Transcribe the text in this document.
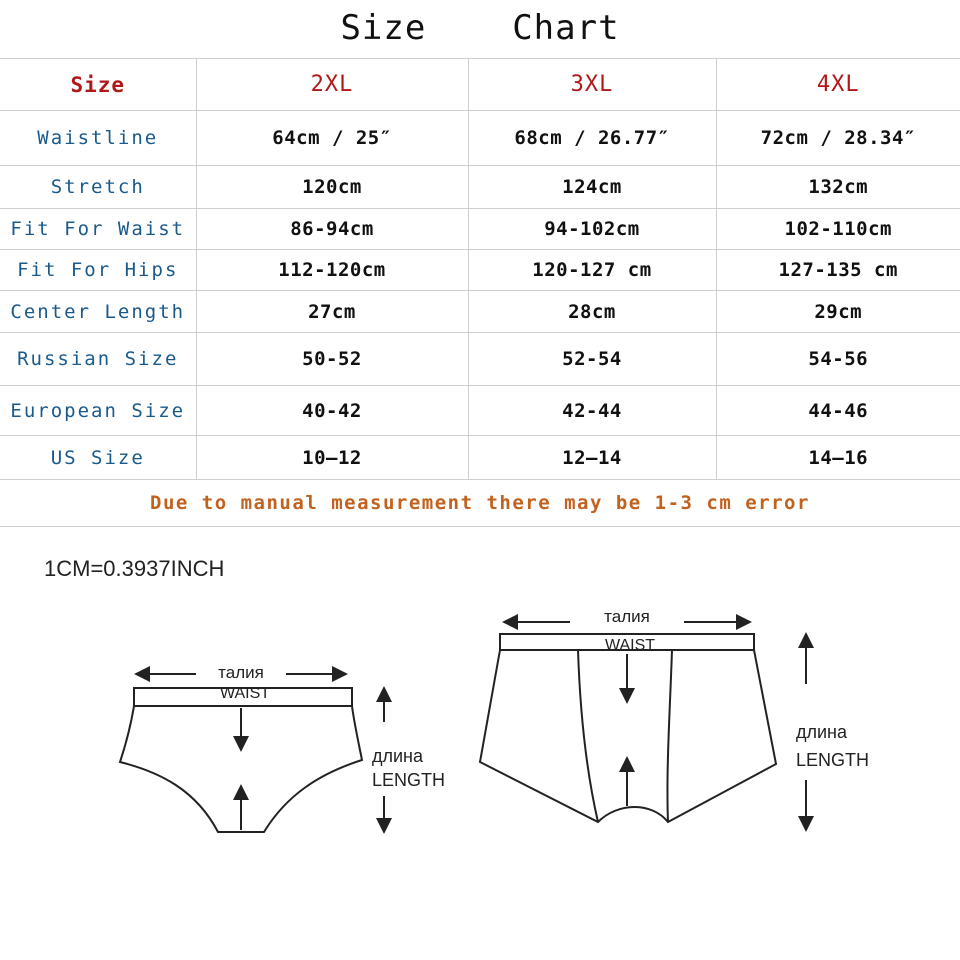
Size    Chart
Size	2XL	3XL	4XL
Waistline	64cm / 25″	68cm / 26.77″	72cm / 28.34″
Stretch	120cm	124cm	132cm
Fit For Waist	86-94cm	94-102cm	102-110cm
Fit For Hips	112-120cm	120-127 cm	127-135 cm
Center Length	27cm	28cm	29cm
Russian Size	50-52	52-54	54-56
European Size	40-42	42-44	44-46
US Size	10—12	12—14	14—16
Due to manual measurement there may be 1-3 cm error			
1CM=0.3937INCH
талия
WAIST
длина
LENGTH
талия
WAIST
длина
LENGTH
